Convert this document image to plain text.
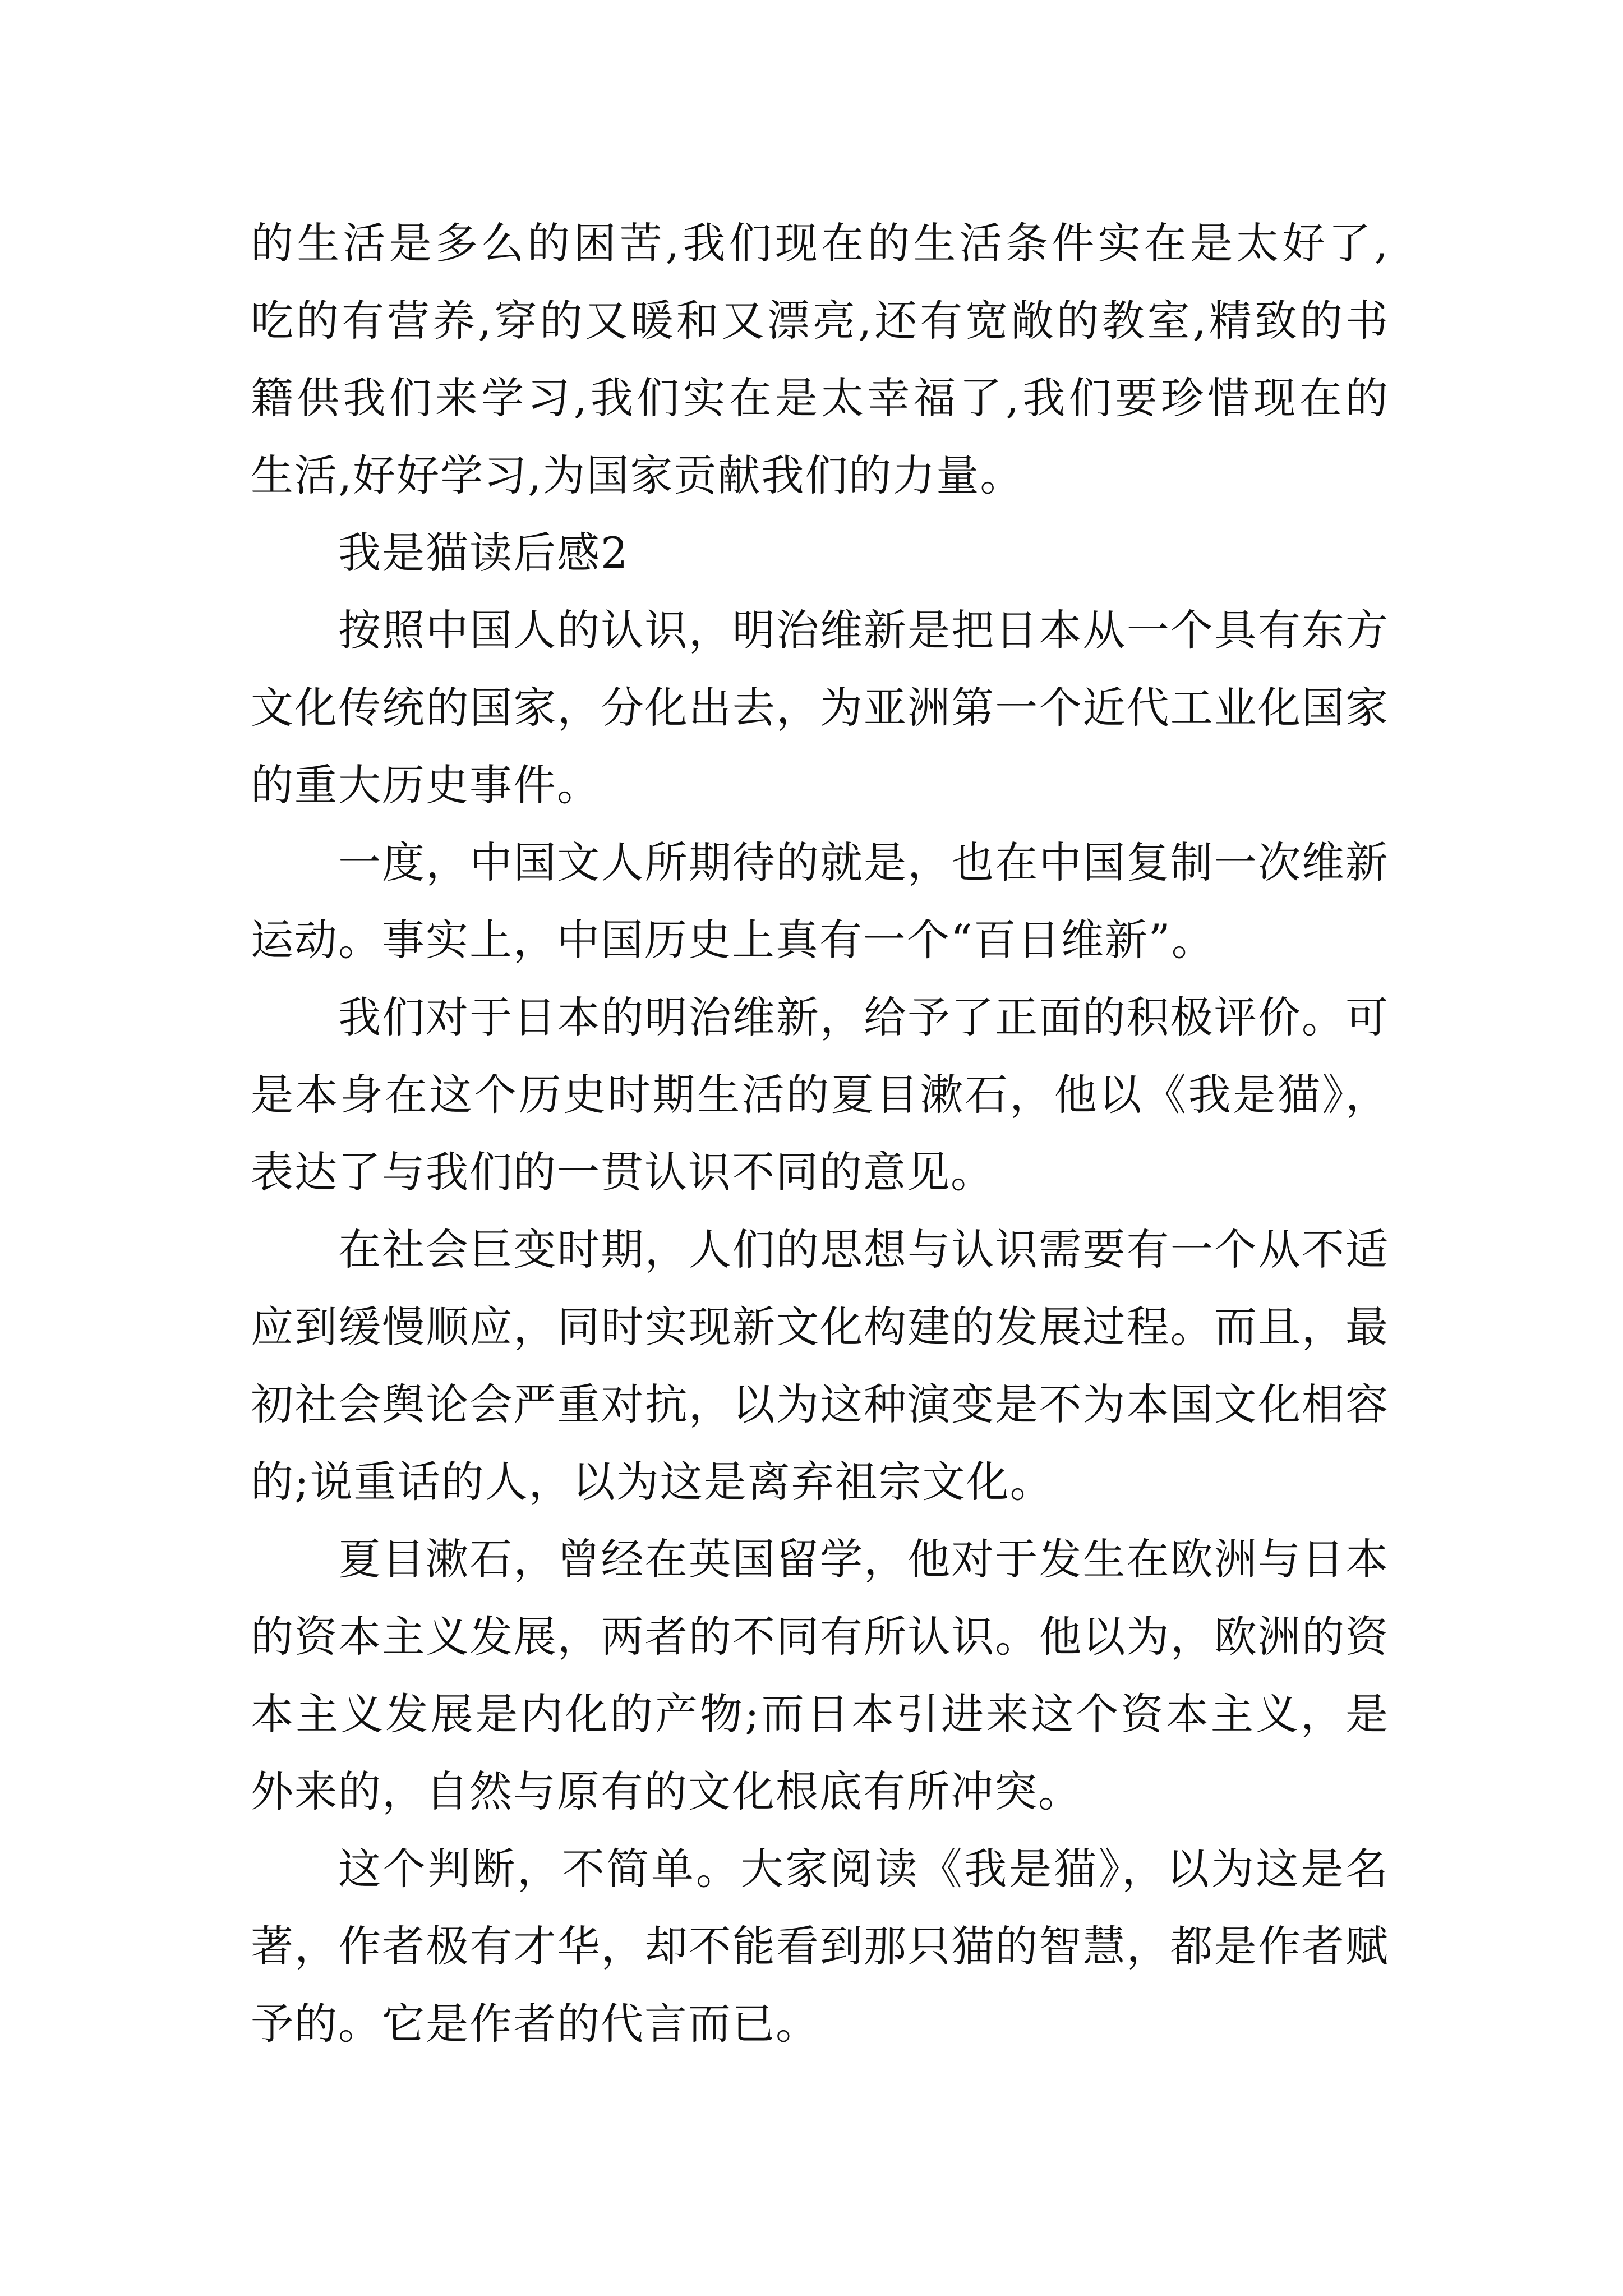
的生活是多么的困苦,我们现在的生活条件实在是太好了,
吃的有营养,穿的又暖和又漂亮,还有宽敞的教室,精致的书
籍供我们来学习,我们实在是太幸福了,我们要珍惜现在的
生活,好好学习,为国家贡献我们的力量。
我是猫读后感2
按照中国人的认识，明治维新是把日本从一个具有东方
文化传统的国家，分化出去，为亚洲第一个近代工业化国家
的重大历史事件。
一度，中国文人所期待的就是，也在中国复制一次维新
运动。事实上，中国历史上真有一个“百日维新”。
我们对于日本的明治维新，给予了正面的积极评价。可
是本身在这个历史时期生活的夏目漱石，他以《我是猫》，
表达了与我们的一贯认识不同的意见。
在社会巨变时期，人们的思想与认识需要有一个从不适
应到缓慢顺应，同时实现新文化构建的发展过程。而且，最
初社会舆论会严重对抗，以为这种演变是不为本国文化相容
的;说重话的人，以为这是离弃祖宗文化。
夏目漱石，曾经在英国留学，他对于发生在欧洲与日本
的资本主义发展，两者的不同有所认识。他以为，欧洲的资
本主义发展是内化的产物;而日本引进来这个资本主义，是
外来的，自然与原有的文化根底有所冲突。
这个判断，不简单。大家阅读《我是猫》，以为这是名
著，作者极有才华，却不能看到那只猫的智慧，都是作者赋
予的。它是作者的代言而已。
